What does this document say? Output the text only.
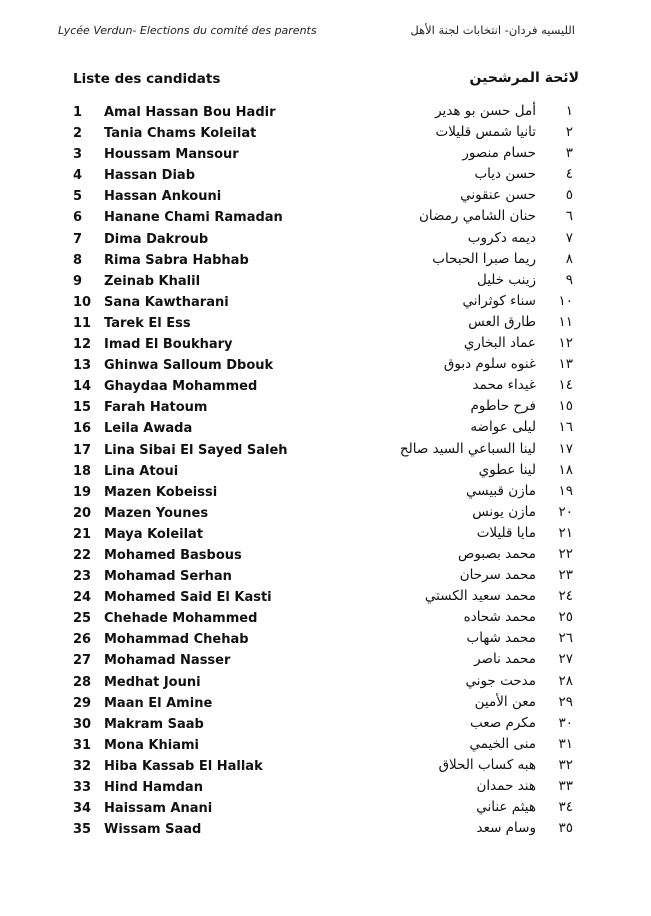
Lycée Verdun- Elections du comité des parents	الليسيه فردان- انتخابات لجنة الأهل
Liste des candidats	لائحة المرشحين
1 Amal Hassan Bou Hadir	أمل حسن بو هدير ١
2 Tania Chams Koleilat	تانيا شمس قليلات ٢
3 Houssam Mansour	حسام منصور ٣
4 Hassan Diab	حسن دياب ٤
5 Hassan Ankouni	حسن عنقوني ٥
6 Hanane Chami Ramadan	حنان الشامي رمضان ٦
7 Dima Dakroub	ديمه دكروب ٧
8 Rima Sabra Habhab	ريما صبرا الحبحاب ٨
9 Zeinab Khalil	زينب خليل ٩
10 Sana Kawtharani	سناء كوثراني ١٠
11 Tarek El Ess	طارق العس ١١
12 Imad El Boukhary	عماد البخاري ١٢
13 Ghinwa Salloum Dbouk	غنوه سلوم دبوق ١٣
14 Ghaydaa Mohammed	غيداء محمد ١٤
15 Farah Hatoum	فرح حاطوم ١٥
16 Leila Awada	ليلى عواضه ١٦
17 Lina Sibai El Sayed Saleh	لينا السباعي السيد صالح ١٧
18 Lina Atoui	لينا عطوي ١٨
19 Mazen Kobeissi	مازن قبيسي ١٩
20 Mazen Younes	مازن يونس ٢٠
21 Maya Koleilat	مايا قليلات ٢١
22 Mohamed Basbous	محمد بصبوص ٢٢
23 Mohamad Serhan	محمد سرحان ٢٣
24 Mohamed Said El Kasti	محمد سعيد الكستي ٢٤
25 Chehade Mohammed	محمد شحاده ٢٥
26 Mohammad Chehab	محمد شهاب ٢٦
27 Mohamad Nasser	محمد ناصر ٢٧
28 Medhat Jouni	مدحت جوني ٢٨
29 Maan El Amine	معن الأمين ٢٩
30 Makram Saab	مكرم صعب ٣٠
31 Mona Khiami	منى الخيمي ٣١
32 Hiba Kassab El Hallak	هبه كساب الحلاق ٣٢
33 Hind Hamdan	هند حمدان ٣٣
34 Haissam Anani	هيثم عناني ٣٤
35 Wissam Saad	وسام سعد ٣٥
